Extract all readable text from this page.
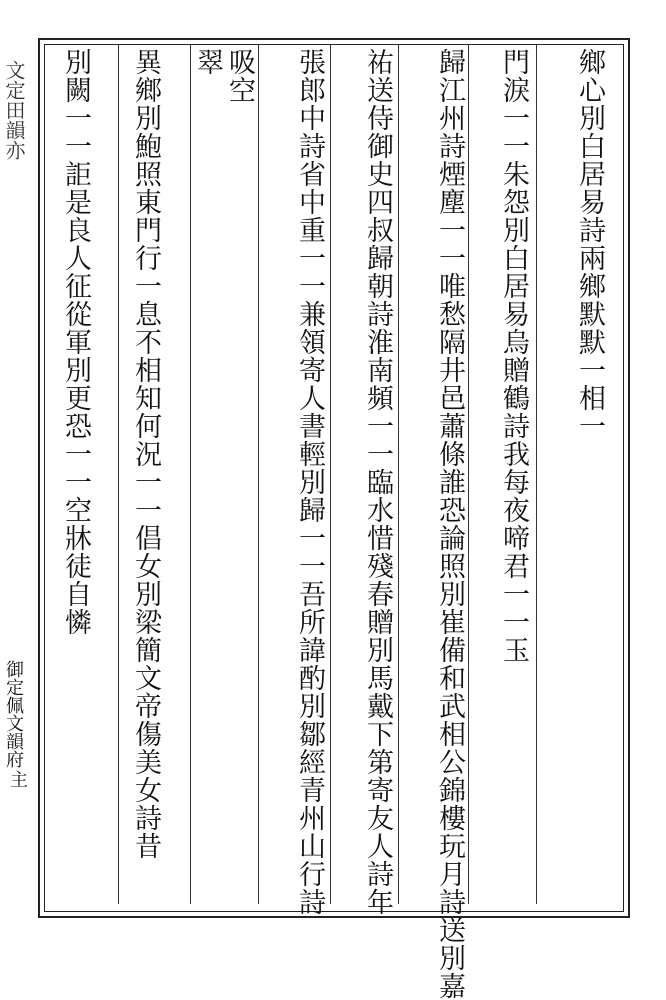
文定田韻亦	鄉心別白居易詩兩鄉默默一相一
門淚一一朱怨別白居易烏贈鶴詩我每夜啼君一一玉
歸江州詩煙塵一一唯愁隔井邑蕭條誰恐論照別崔備和武相公錦樓玩月詩送別嘉
祐送侍御史四叔歸朝詩淮南頻一一臨水惜殘春贈別馬戴下第寄友人詩年
張郎中詩省中重一一兼領寄人書輕別歸一一吾所諱酌別鄒經青州山行詩
吸空
翠
異鄉別鮑照東門行一息不相知何況一一倡女別梁簡文帝傷美女詩昔
別闕一一詎是良人征從軍別更恐一一空牀徒自憐
御定佩文韻府
主
